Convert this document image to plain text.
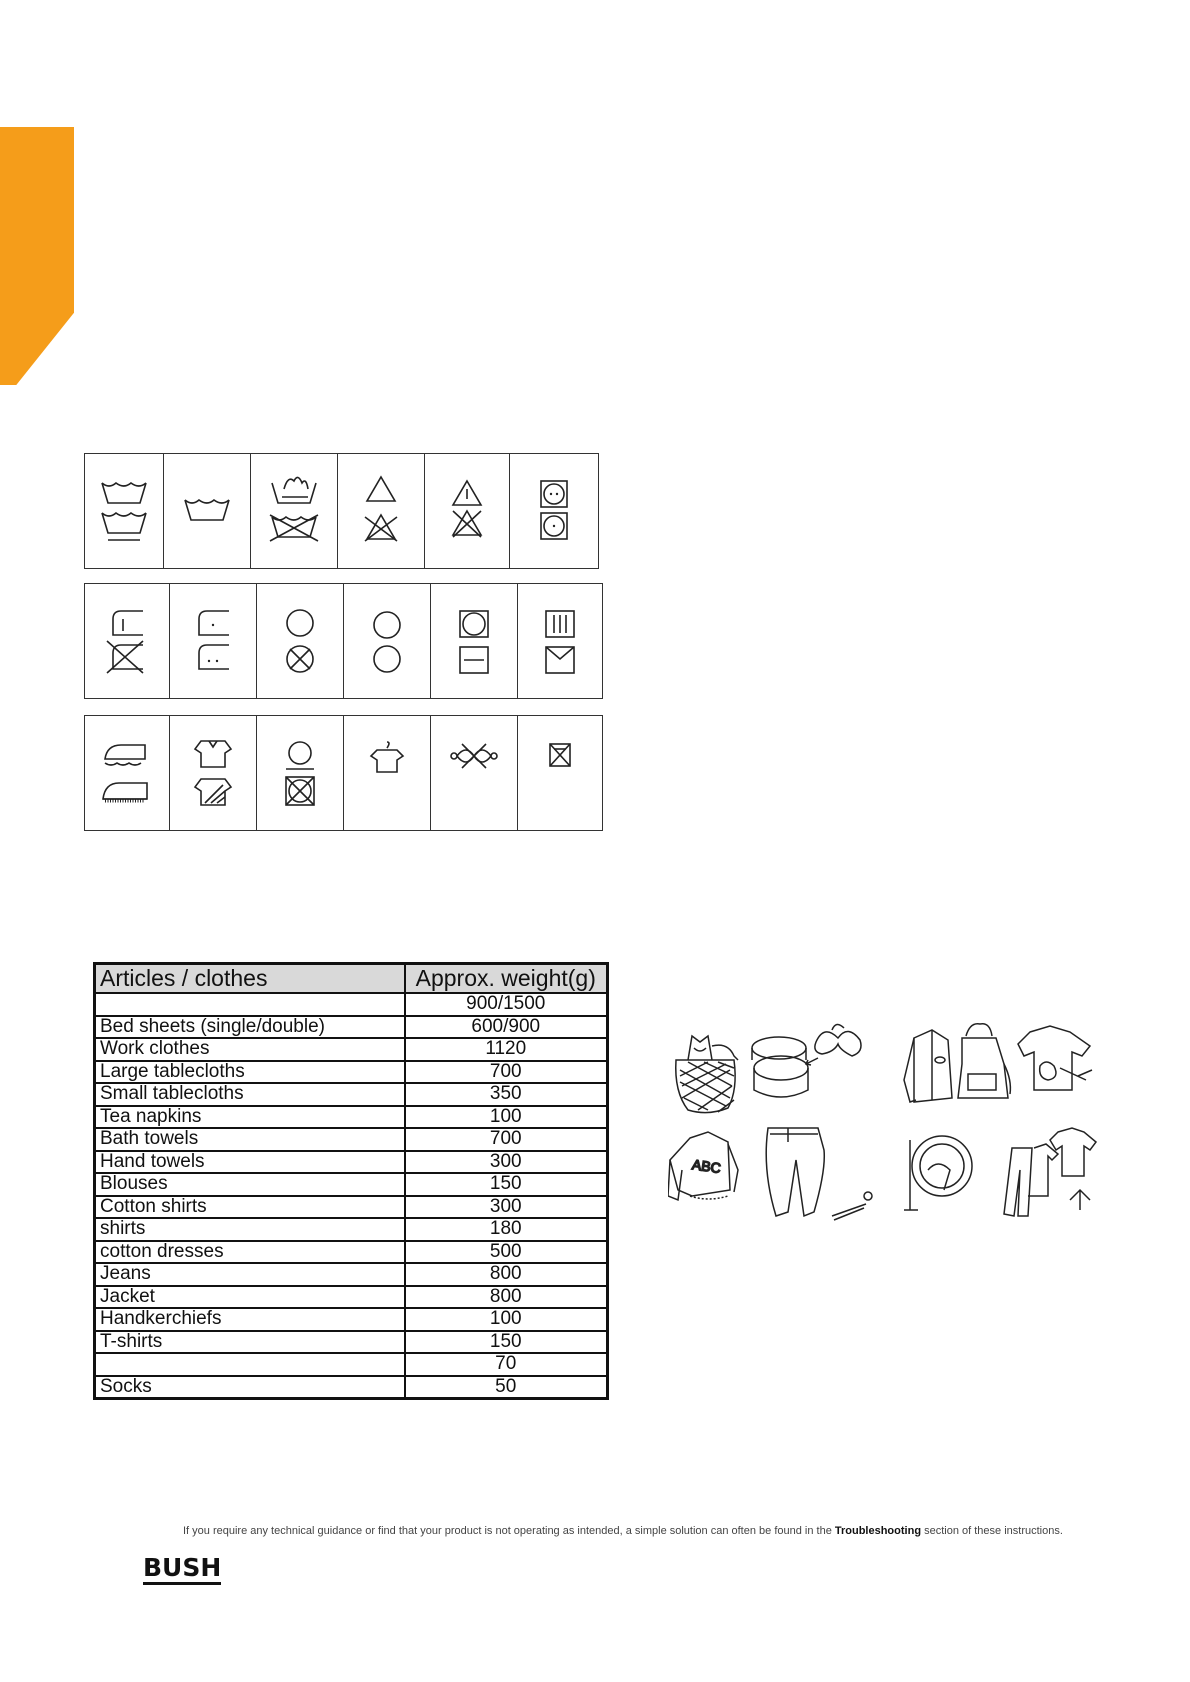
Articles / clothes	Approx. weight(g)
	900/1500
Bed sheets (single/double)	600/900
Work clothes	1120
Large tablecloths	700
Small tablecloths	350
Tea napkins	100
Bath towels	700
Hand towels	300
Blouses	150
Cotton shirts	300
shirts	180
cotton dresses	500
Jeans	800
Jacket	800
Handkerchiefs	100
T-shirts	150
	70
Socks	50
ABC
If you require any technical guidance or find that your product is not operating as intended, a simple solution can often be found in the Troubleshooting section of these instructions.
BUSH
